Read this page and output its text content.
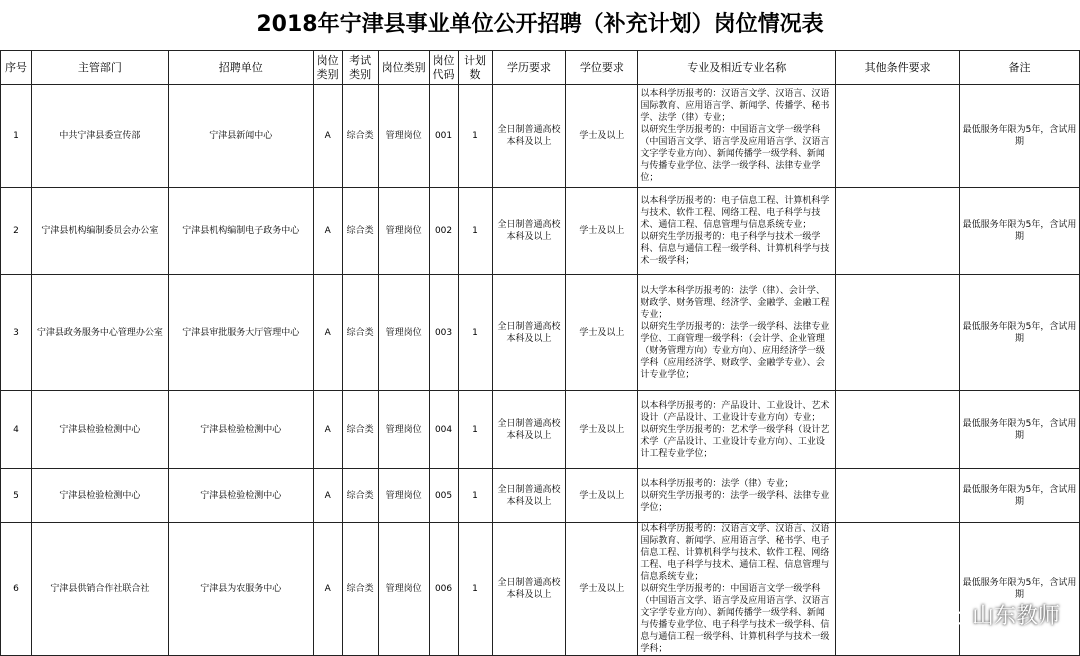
2018年宁津县事业单位公开招聘（补充计划）岗位情况表
序号	主管部门	招聘单位	岗位类别	考试类别	岗位类别	岗位代码	计划数	学历要求	学位要求	专业及相近专业名称	其他条件要求	备注
1	中共宁津县委宣传部	宁津县新闻中心	A	综合类	管理岗位	001	1	全日制普通高校本科及以上	学士及以上	以本科学历报考的：汉语言文学、汉语言、汉语国际教育、应用语言学、新闻学、传播学、秘书学、法学（律）专业；
以研究生学历报考的：中国语言文学一级学科（中国语言文学、语言学及应用语言学、汉语言文字学专业方向）、新闻传播学一级学科、新闻与传播专业学位、法学一级学科、法律专业学位；		最低服务年限为5年，含试用期
2	宁津县机构编制委员会办公室	宁津县机构编制电子政务中心	A	综合类	管理岗位	002	1	全日制普通高校本科及以上	学士及以上	以本科学历报考的：电子信息工程、计算机科学与技术、软件工程、网络工程、电子科学与技术、通信工程、信息管理与信息系统专业；
以研究生学历报考的：电子科学与技术一级学科、信息与通信工程一级学科、计算机科学与技术一级学科；		最低服务年限为5年，含试用期
3	宁津县政务服务中心管理办公室	宁津县审批服务大厅管理中心	A	综合类	管理岗位	003	1	全日制普通高校本科及以上	学士及以上	以大学本科学历报考的：法学（律）、会计学、财政学、财务管理、经济学、金融学、金融工程专业；
以研究生学历报考的：法学一级学科、法律专业学位、工商管理一级学科：（会计学、企业管理（财务管理方向）专业方向）、应用经济学一级学科（应用经济学、财政学、金融学专业）、会计专业学位；		最低服务年限为5年，含试用期
4	宁津县检验检测中心	宁津县检验检测中心	A	综合类	管理岗位	004	1	全日制普通高校本科及以上	学士及以上	以本科学历报考的：产品设计、工业设计、艺术设计（产品设计、工业设计专业方向）专业；
以研究生学历报考的：艺术学一级学科（设计艺术学（产品设计、工业设计专业方向）、工业设计工程专业学位；		最低服务年限为5年，含试用期
5	宁津县检验检测中心	宁津县检验检测中心	A	综合类	管理岗位	005	1	全日制普通高校本科及以上	学士及以上	以本科学历报考的：法学（律）专业；
以研究生学历报考的：法学一级学科、法律专业学位；		最低服务年限为5年，含试用期
6	宁津县供销合作社联合社	宁津县为农服务中心	A	综合类	管理岗位	006	1	全日制普通高校本科及以上	学士及以上	以本科学历报考的：汉语言文学、汉语言、汉语国际教育、新闻学、应用语言学、秘书学、电子信息工程、计算机科学与技术、软件工程、网络工程、电子科学与技术、通信工程、信息管理与信息系统专业；
以研究生学历报考的：中国语言文学一级学科（中国语言文学、语言学及应用语言学、汉语言文字学专业方向）、新闻传播学一级学科、新闻与传播专业学位、电子科学与技术一级学科、信息与通信工程一级学科、计算机科学与技术一级学科；		最低服务年限为5年，含试用期
山东教师
